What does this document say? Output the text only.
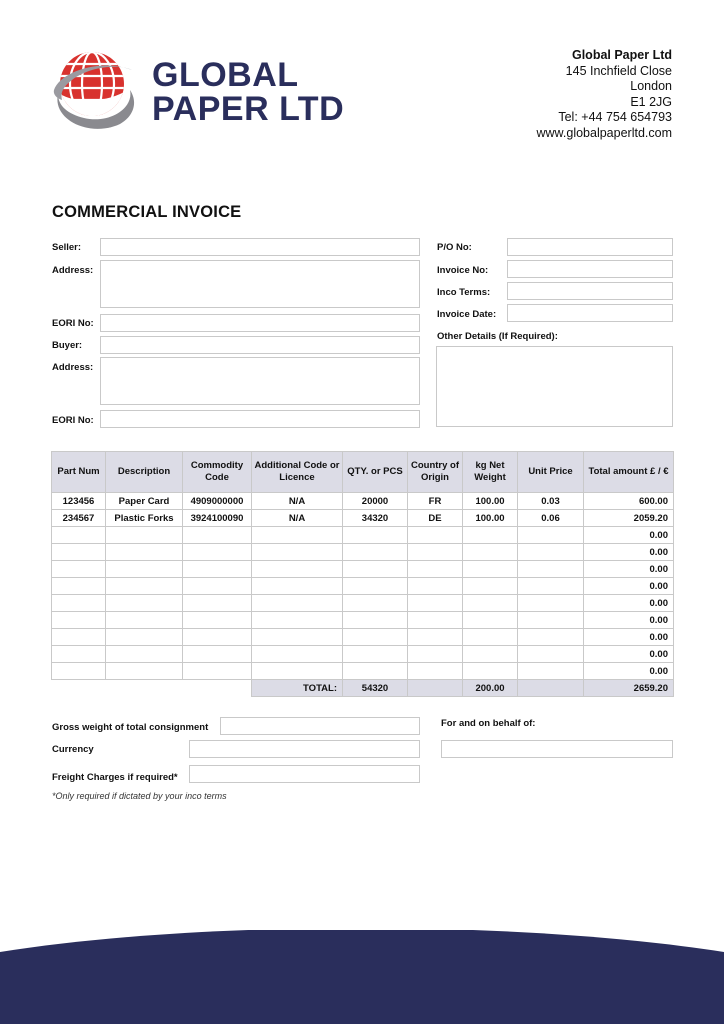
GLOBAL
PAPER LTD
Global Paper Ltd
145 Inchfield Close
London
E1 2JG
Tel: +44 754 654793
www.globalpaperltd.com
COMMERCIAL INVOICE
Seller:
Address:
EORI No:
Buyer:
Address:
EORI No:
P/O No:
Invoice No:
Inco Terms:
Invoice Date:
Other Details (If Required):
Part Num	Description	Commodity Code	Additional Code or Licence	QTY. or PCS	Country of Origin	kg Net Weight	Unit Price	Total amount £ / €
123456	Paper Card	4909000000	N/A	20000	FR	100.00	0.03	600.00
234567	Plastic Forks	3924100090	N/A	34320	DE	100.00	0.06	2059.20
								0.00
								0.00
								0.00
								0.00
								0.00
								0.00
								0.00
								0.00
								0.00
			TOTAL:	54320		200.00		2659.20
Gross weight of total consignment
Currency
Freight Charges if required*
For and on behalf of:
*Only required if dictated by your inco terms
